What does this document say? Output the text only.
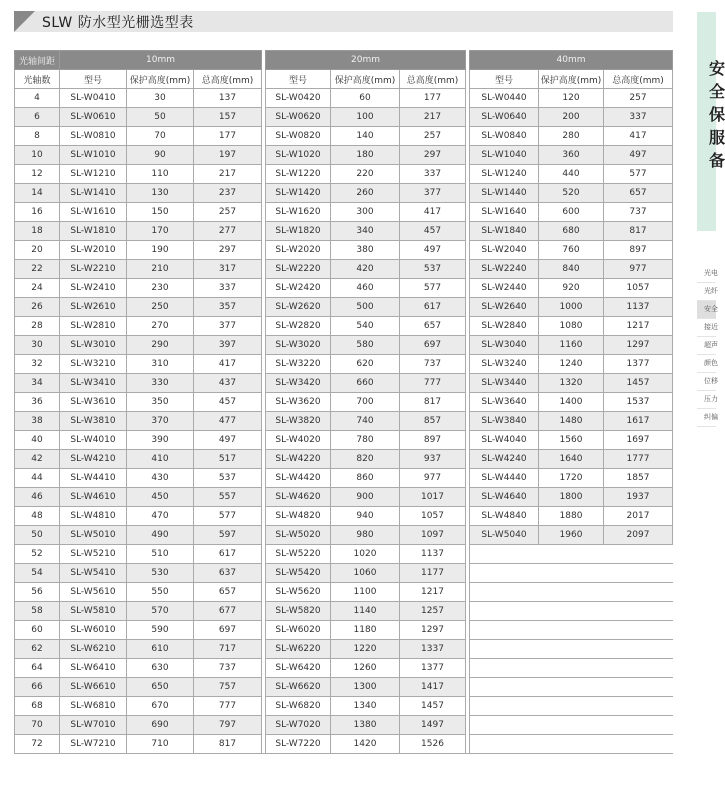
SLW 防水型光栅选型表
光轴间距	10mm				20mm				40mm		
光轴数	型号	保护高度(mm)	总高度(mm)		型号	保护高度(mm)	总高度(mm)		型号	保护高度(mm)	总高度(mm)
4	SL-W0410	30	137		SL-W0420	60	177		SL-W0440	120	257
6	SL-W0610	50	157		SL-W0620	100	217		SL-W0640	200	337
8	SL-W0810	70	177		SL-W0820	140	257		SL-W0840	280	417
10	SL-W1010	90	197		SL-W1020	180	297		SL-W1040	360	497
12	SL-W1210	110	217		SL-W1220	220	337		SL-W1240	440	577
14	SL-W1410	130	237		SL-W1420	260	377		SL-W1440	520	657
16	SL-W1610	150	257		SL-W1620	300	417		SL-W1640	600	737
18	SL-W1810	170	277		SL-W1820	340	457		SL-W1840	680	817
20	SL-W2010	190	297		SL-W2020	380	497		SL-W2040	760	897
22	SL-W2210	210	317		SL-W2220	420	537		SL-W2240	840	977
24	SL-W2410	230	337		SL-W2420	460	577		SL-W2440	920	1057
26	SL-W2610	250	357		SL-W2620	500	617		SL-W2640	1000	1137
28	SL-W2810	270	377		SL-W2820	540	657		SL-W2840	1080	1217
30	SL-W3010	290	397		SL-W3020	580	697		SL-W3040	1160	1297
32	SL-W3210	310	417		SL-W3220	620	737		SL-W3240	1240	1377
34	SL-W3410	330	437		SL-W3420	660	777		SL-W3440	1320	1457
36	SL-W3610	350	457		SL-W3620	700	817		SL-W3640	1400	1537
38	SL-W3810	370	477		SL-W3820	740	857		SL-W3840	1480	1617
40	SL-W4010	390	497		SL-W4020	780	897		SL-W4040	1560	1697
42	SL-W4210	410	517		SL-W4220	820	937		SL-W4240	1640	1777
44	SL-W4410	430	537		SL-W4420	860	977		SL-W4440	1720	1857
46	SL-W4610	450	557		SL-W4620	900	1017		SL-W4640	1800	1937
48	SL-W4810	470	577		SL-W4820	940	1057		SL-W4840	1880	2017
50	SL-W5010	490	597		SL-W5020	980	1097		SL-W5040	1960	2097
52	SL-W5210	510	617		SL-W5220	1020	1137				
54	SL-W5410	530	637		SL-W5420	1060	1177				
56	SL-W5610	550	657		SL-W5620	1100	1217				
58	SL-W5810	570	677		SL-W5820	1140	1257				
60	SL-W6010	590	697		SL-W6020	1180	1297				
62	SL-W6210	610	717		SL-W6220	1220	1337				
64	SL-W6410	630	737		SL-W6420	1260	1377				
66	SL-W6610	650	757		SL-W6620	1300	1417				
68	SL-W6810	670	777		SL-W6820	1340	1457				
70	SL-W7010	690	797		SL-W7020	1380	1497				
72	SL-W7210	710	817		SL-W7220	1420	1526				
安
全
保
服
备
光电
光纤
安全
接近
超声
颜色
位移
压力
纠偏
